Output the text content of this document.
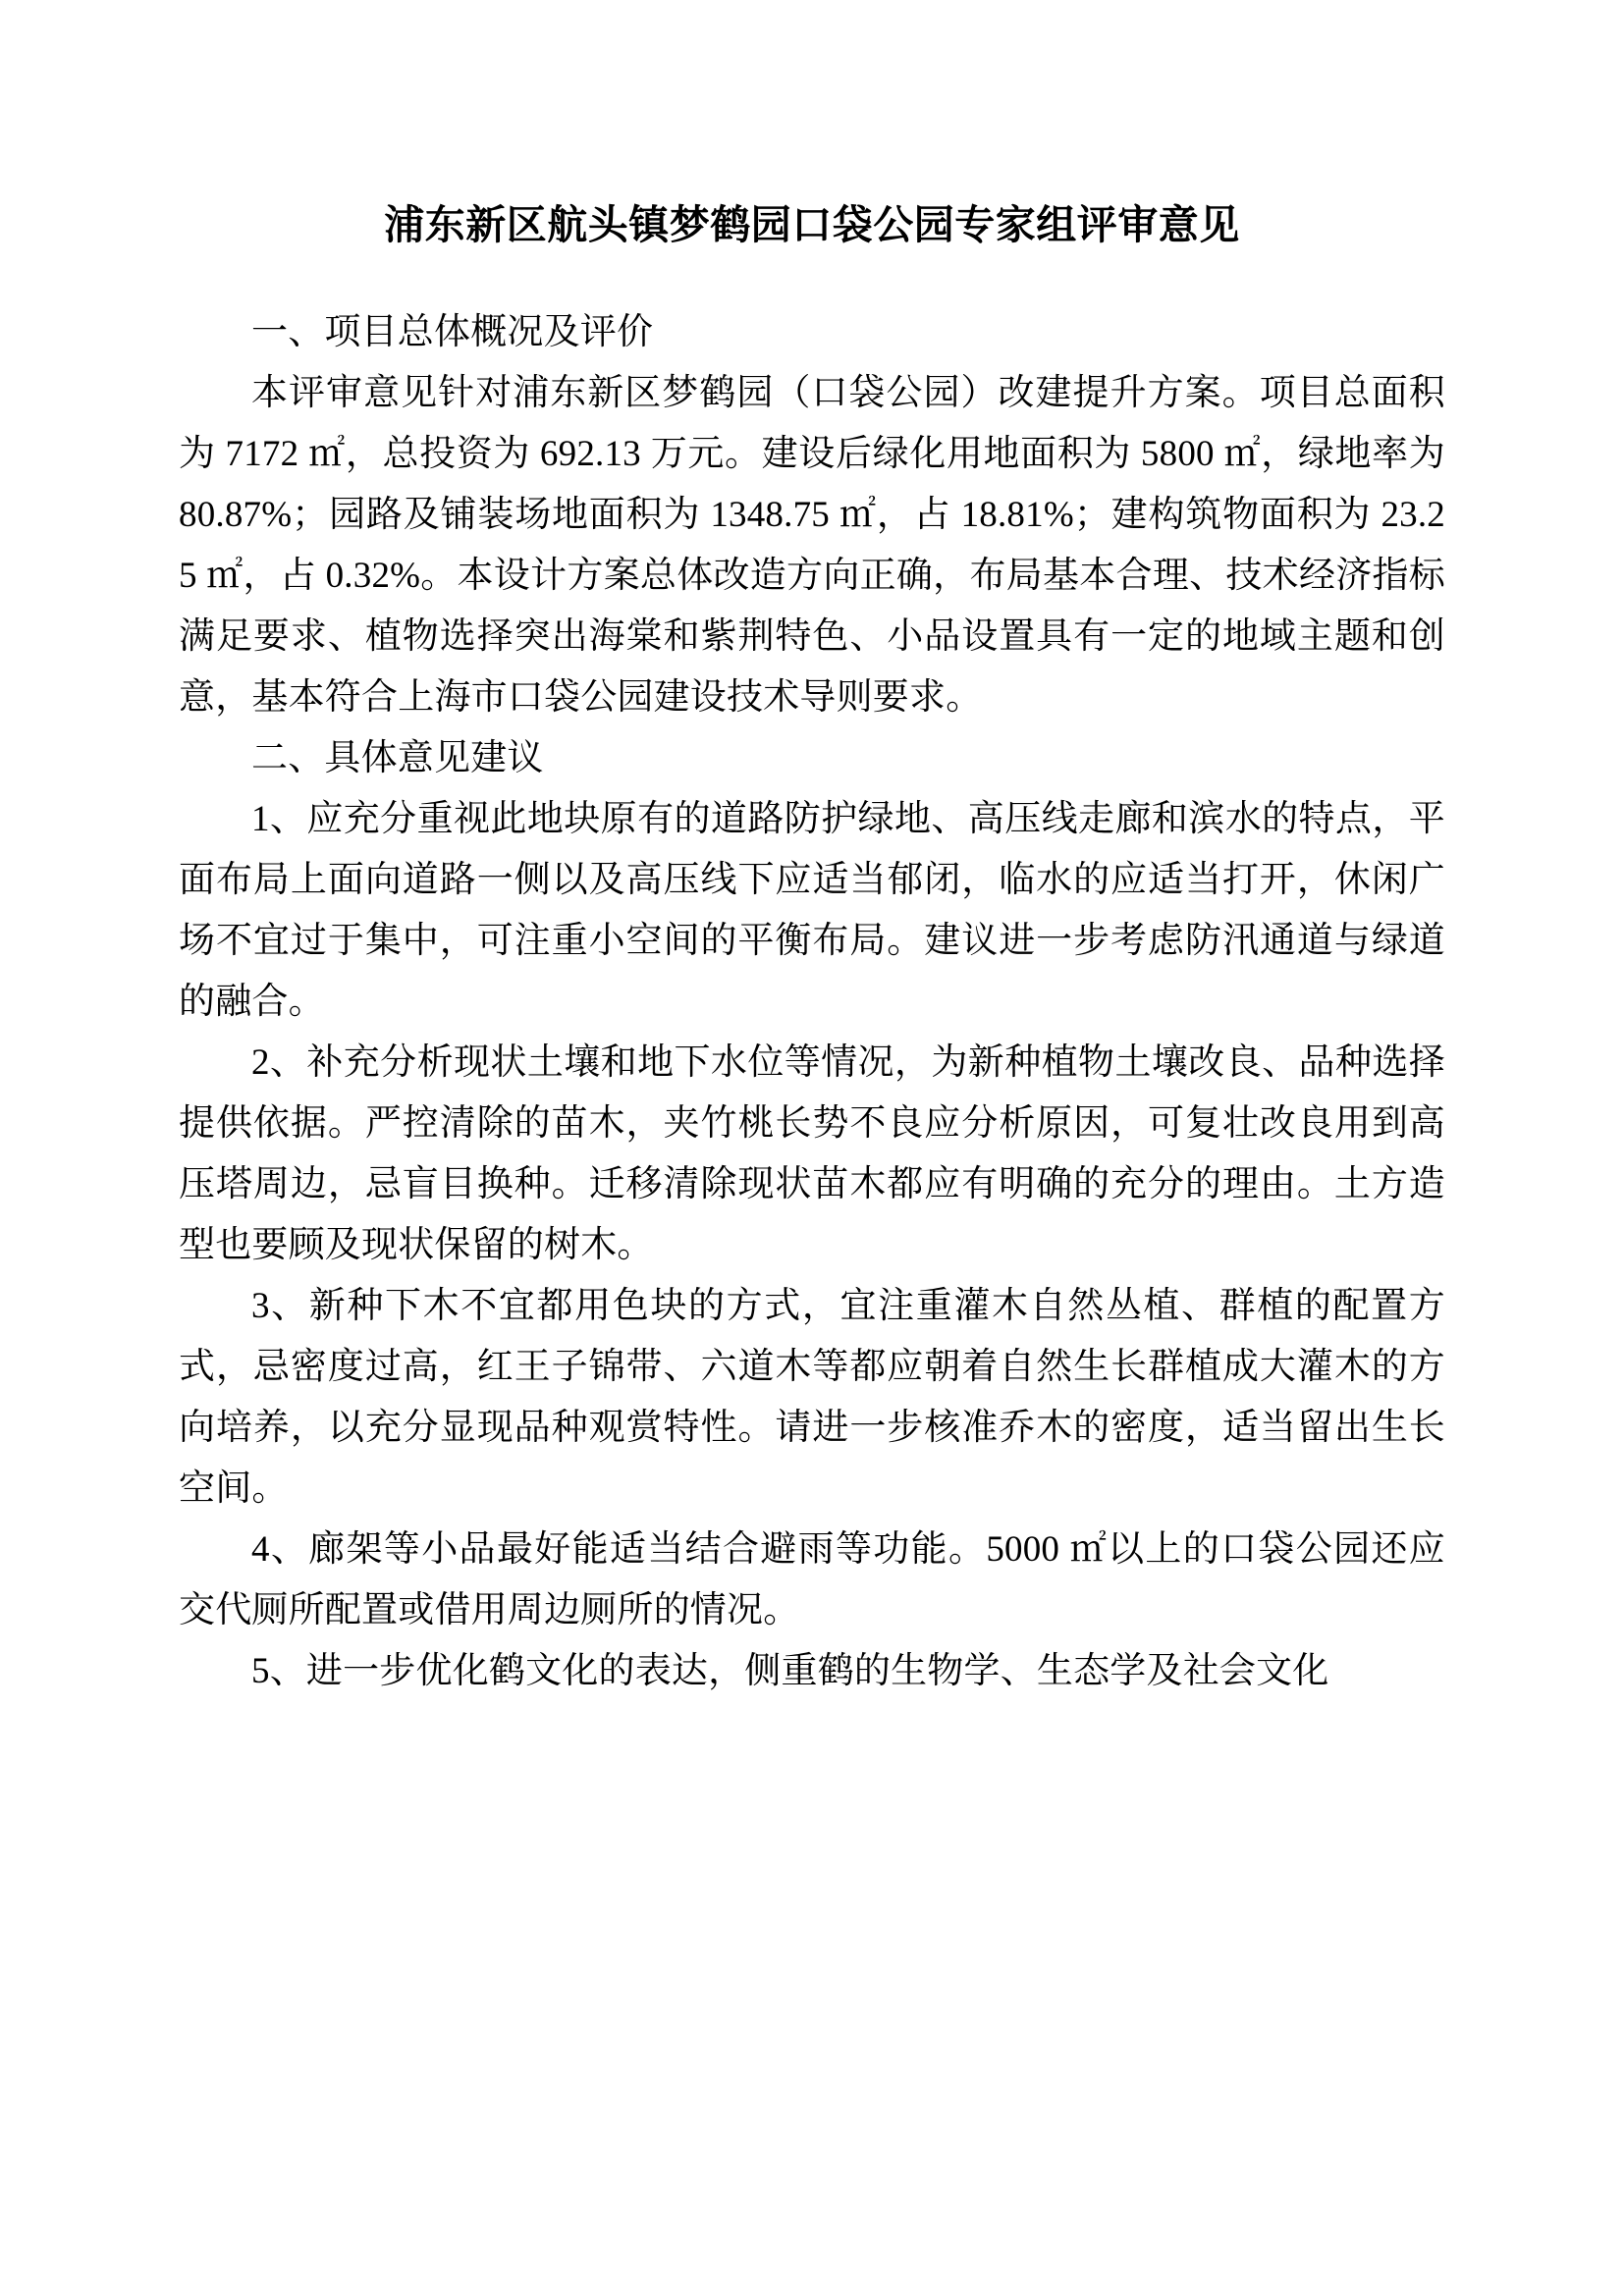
浦东新区航头镇梦鹤园口袋公园专家组评审意见

一、项目总体概况及评价

本评审意见针对浦东新区梦鹤园（口袋公园）改建提升方案。项目总面积为 7172 ㎡，总投资为 692.13 万元。建设后绿化用地面积为 5800 ㎡，绿地率为 80.87%；园路及铺装场地面积为 1348.75 ㎡，占 18.81%；建构筑物面积为 23.25 ㎡，占 0.32%。本设计方案总体改造方向正确，布局基本合理、技术经济指标满足要求、植物选择突出海棠和紫荆特色、小品设置具有一定的地域主题和创意，基本符合上海市口袋公园建设技术导则要求。

二、具体意见建议

1、应充分重视此地块原有的道路防护绿地、高压线走廊和滨水的特点，平面布局上面向道路一侧以及高压线下应适当郁闭，临水的应适当打开，休闲广场不宜过于集中，可注重小空间的平衡布局。建议进一步考虑防汛通道与绿道的融合。

2、补充分析现状土壤和地下水位等情况，为新种植物土壤改良、品种选择提供依据。严控清除的苗木，夹竹桃长势不良应分析原因，可复壮改良用到高压塔周边，忌盲目换种。迁移清除现状苗木都应有明确的充分的理由。土方造型也要顾及现状保留的树木。

3、新种下木不宜都用色块的方式，宜注重灌木自然丛植、群植的配置方式，忌密度过高，红王子锦带、六道木等都应朝着自然生长群植成大灌木的方向培养，以充分显现品种观赏特性。请进一步核准乔木的密度，适当留出生长空间。

4、廊架等小品最好能适当结合避雨等功能。5000 ㎡以上的口袋公园还应交代厕所配置或借用周边厕所的情况。

5、进一步优化鹤文化的表达，侧重鹤的生物学、生态学及社会文化
